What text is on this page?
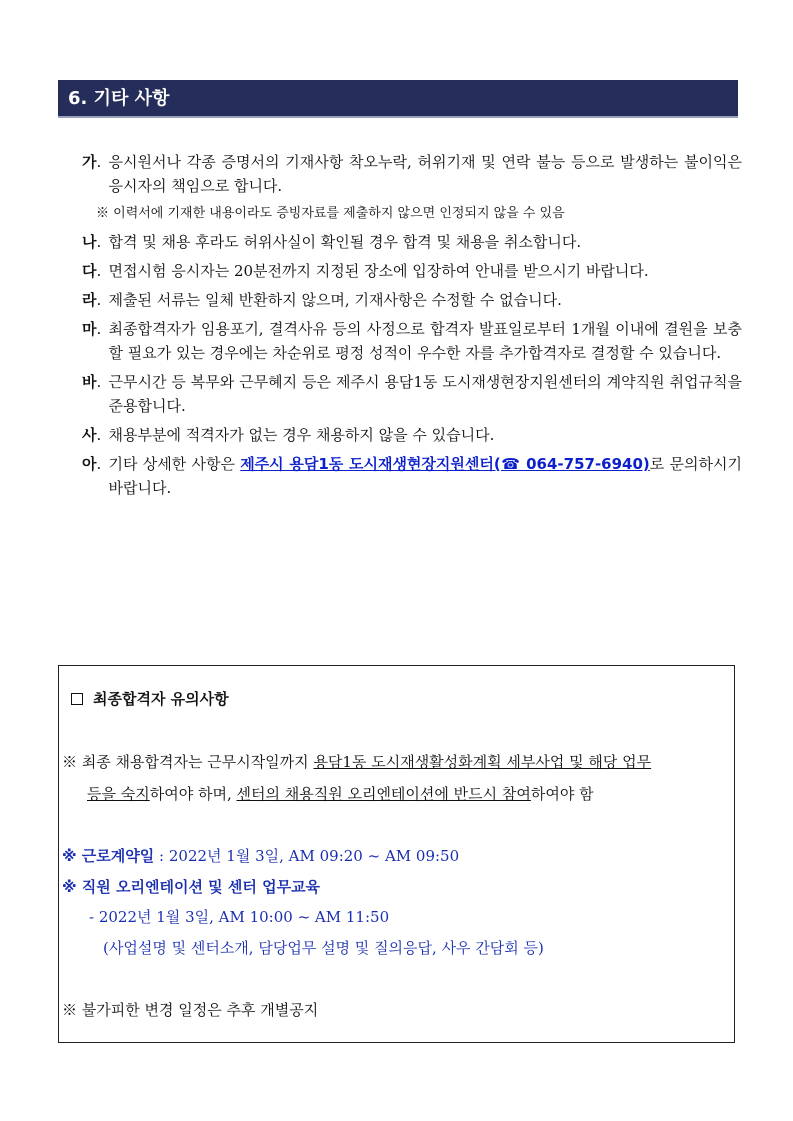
6. 기타 사항
가 . 응시원서나 각종 증명서의 기재사항 착오누락, 허위기재 및 연락 불능 등으로 발생하는 불이익은 응시자의 책임으로 합니다.
※ 이력서에 기재한 내용이라도 증빙자료를 제출하지 않으면 인정되지 않을 수 있음
나 . 합격 및 채용 후라도 허위사실이 확인될 경우 합격 및 채용을 취소합니다.
다 . 면접시험 응시자는 20분전까지 지정된 장소에 입장하여 안내를 받으시기 바랍니다.
라 . 제출된 서류는 일체 반환하지 않으며, 기재사항은 수정할 수 없습니다.
마 . 최종합격자가 임용포기, 결격사유 등의 사정으로 합격자 발표일로부터 1개월 이내에 결원을 보충할 필요가 있는 경우에는 차순위로 평정 성적이 우수한 자를 추가합격자로 결정할 수 있습니다.
바 . 근무시간 등 복무와 근무혜지 등은 제주시 용담1동 도시재생현장지원센터의 계약직원 취업규칙을 준용합니다.
사 . 채용부분에 적격자가 없는 경우 채용하지 않을 수 있습니다.
아 . 기타 상세한 사항은 제주시 용담1동 도시재생현장지원센터(☎ 064-757-6940)로 문의하시기 바랍니다.
최종합격자 유의사항
※ 최종 채용합격자는 근무시작일까지 용담1동 도시재생활성화계획 세부사업 및 해당 업무
등을 숙지하여야 하며, 센터의 채용직원 오리엔테이션에 반드시 참여하여야 함
※ 근로계약일 : 2022년 1월 3일, AM 09:20 ~ AM 09:50
※ 직원 오리엔테이션 및 센터 업무교육
- 2022년 1월 3일, AM 10:00 ~ AM 11:50
(사업설명 및 센터소개, 담당업무 설명 및 질의응답, 사우 간담회 등)
※ 불가피한 변경 일정은 추후 개별공지
